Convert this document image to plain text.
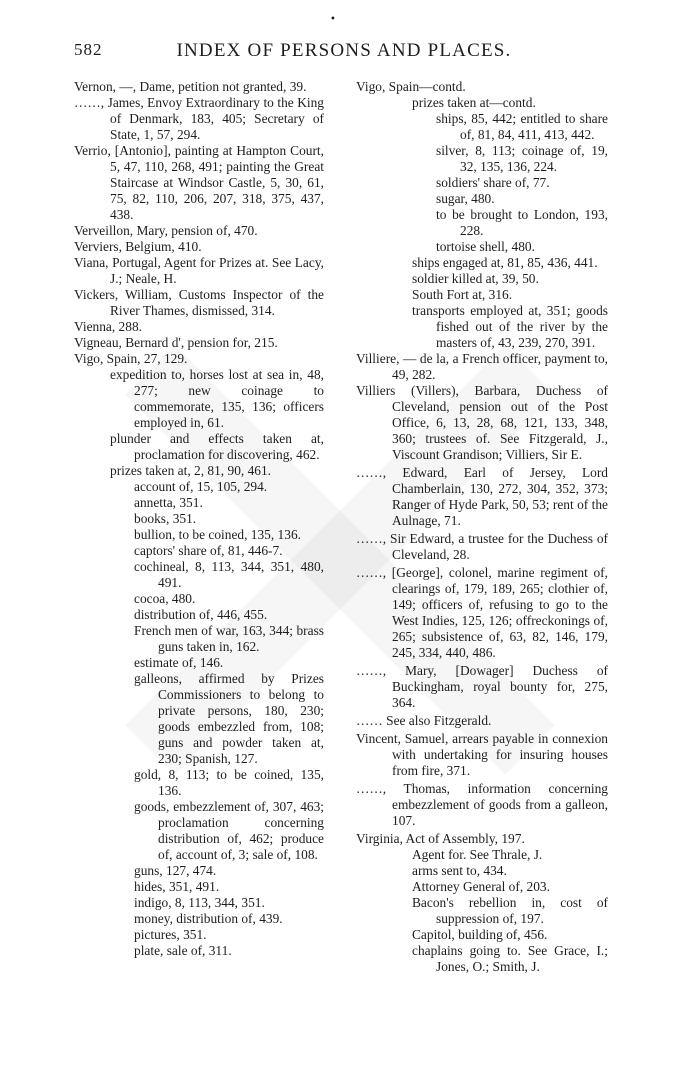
•
582	INDEX OF PERSONS AND PLACES.

Vernon, —, Dame, petition not granted, 39.

……, James, Envoy Extraordinary to the King of Denmark, 183, 405; Secretary of State, 1, 57, 294.

Verrio, [Antonio], painting at Hampton Court, 5, 47, 110, 268, 491; painting the Great Staircase at Windsor Castle, 5, 30, 61, 75, 82, 110, 206, 207, 318, 375, 437, 438.

Verveillon, Mary, pension of, 470.

Verviers, Belgium, 410.

Viana, Portugal, Agent for Prizes at. See Lacy, J.; Neale, H.

Vickers, William, Customs Inspector of the River Thames, dismissed, 314.

Vienna, 288.

Vigneau, Bernard d', pension for, 215.

Vigo, Spain, 27, 129.

expedition to, horses lost at sea in, 48, 277; new coinage to commemorate, 135, 136; officers employed in, 61.

plunder and effects taken at, proclamation for discovering, 462.

prizes taken at, 2, 81, 90, 461.

account of, 15, 105, 294.

annetta, 351.

books, 351.

bullion, to be coined, 135, 136.

captors' share of, 81, 446-7.

cochineal, 8, 113, 344, 351, 480, 491.

cocoa, 480.

distribution of, 446, 455.

French men of war, 163, 344; brass guns taken in, 162.

estimate of, 146.

galleons, affirmed by Prizes Commissioners to belong to private persons, 180, 230; goods embezzled from, 108; guns and powder taken at, 230; Spanish, 127.

gold, 8, 113; to be coined, 135, 136.

goods, embezzlement of, 307, 463; proclamation concerning distribution of, 462; produce of, account of, 3; sale of, 108.

guns, 127, 474.

hides, 351, 491.

indigo, 8, 113, 344, 351.

money, distribution of, 439.

pictures, 351.

plate, sale of, 311.

Vigo, Spain—contd.

prizes taken at—contd.

ships, 85, 442; entitled to share of, 81, 84, 411, 413, 442.

silver, 8, 113; coinage of, 19, 32, 135, 136, 224.

soldiers' share of, 77.

sugar, 480.

to be brought to London, 193, 228.

tortoise shell, 480.

ships engaged at, 81, 85, 436, 441.

soldier killed at, 39, 50.

South Fort at, 316.

transports employed at, 351; goods fished out of the river by the masters of, 43, 239, 270, 391.

Villiere, — de la, a French officer, payment to, 49, 282.

Villiers (Villers), Barbara, Duchess of Cleveland, pension out of the Post Office, 6, 13, 28, 68, 121, 133, 348, 360; trustees of. See Fitzgerald, J., Viscount Grandison; Villiers, Sir E.

……, Edward, Earl of Jersey, Lord Chamberlain, 130, 272, 304, 352, 373; Ranger of Hyde Park, 50, 53; rent of the Aulnage, 71.

……, Sir Edward, a trustee for the Duchess of Cleveland, 28.

……, [George], colonel, marine regiment of, clearings of, 179, 189, 265; clothier of, 149; officers of, refusing to go to the West Indies, 125, 126; offreckonings of, 265; subsistence of, 63, 82, 146, 179, 245, 334, 440, 486.

……, Mary, [Dowager] Duchess of Buckingham, royal bounty for, 275, 364.

…… See also Fitzgerald.

Vincent, Samuel, arrears payable in connexion with undertaking for insuring houses from fire, 371.

……, Thomas, information concerning embezzlement of goods from a galleon, 107.

Virginia, Act of Assembly, 197.

Agent for. See Thrale, J.

arms sent to, 434.

Attorney General of, 203.

Bacon's rebellion in, cost of suppression of, 197.

Capitol, building of, 456.

chaplains going to. See Grace, I.; Jones, O.; Smith, J.
